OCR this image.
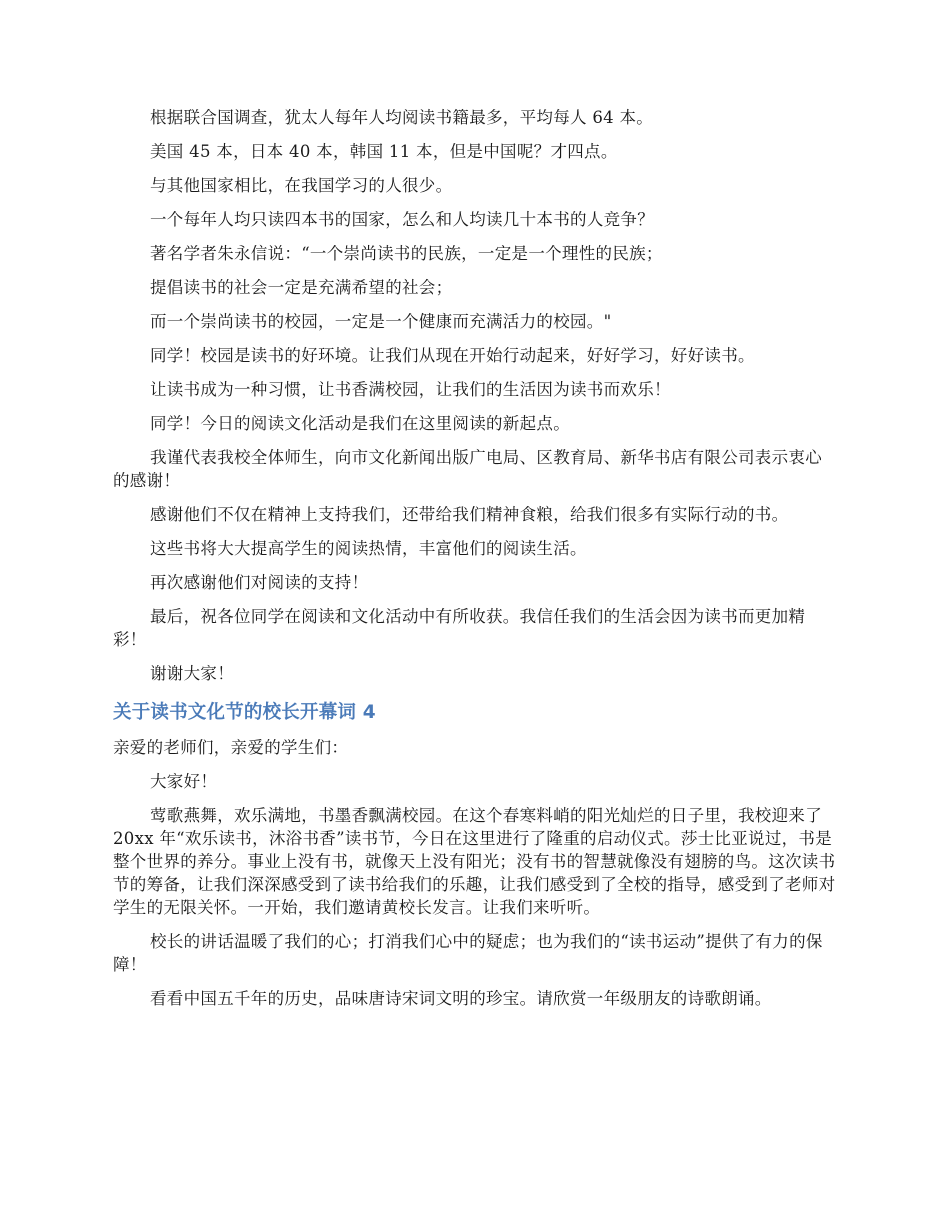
根据联合国调查，犹太人每年人均阅读书籍最多，平均每人 64 本。

美国 45 本，日本 40 本，韩国 11 本，但是中国呢？才四点。

与其他国家相比，在我国学习的人很少。

一个每年人均只读四本书的国家，怎么和人均读几十本书的人竞争？

著名学者朱永信说：“一个崇尚读书的民族，一定是一个理性的民族；

提倡读书的社会一定是充满希望的社会；

而一个崇尚读书的校园，一定是一个健康而充满活力的校园。"

同学！校园是读书的好环境。让我们从现在开始行动起来，好好学习，好好读书。

让读书成为一种习惯，让书香满校园，让我们的生活因为读书而欢乐！

同学！今日的阅读文化活动是我们在这里阅读的新起点。

我谨代表我校全体师生，向市文化新闻出版广电局、区教育局、新华书店有限公司表示衷心的感谢！

感谢他们不仅在精神上支持我们，还带给我们精神食粮，给我们很多有实际行动的书。

这些书将大大提高学生的阅读热情，丰富他们的阅读生活。

再次感谢他们对阅读的支持！

最后，祝各位同学在阅读和文化活动中有所收获。我信任我们的生活会因为读书而更加精彩！

谢谢大家！

关于读书文化节的校长开幕词 4

亲爱的老师们，亲爱的学生们：

大家好！

莺歌燕舞，欢乐满地，书墨香飘满校园。在这个春寒料峭的阳光灿烂的日子里，我校迎来了 20xx 年“欢乐读书，沐浴书香”读书节，今日在这里进行了隆重的启动仪式。莎士比亚说过，书是整个世界的养分。事业上没有书，就像天上没有阳光；没有书的智慧就像没有翅膀的鸟。这次读书节的筹备，让我们深深感受到了读书给我们的乐趣，让我们感受到了全校的指导，感受到了老师对学生的无限关怀。一开始，我们邀请黄校长发言。让我们来听听。

校长的讲话温暖了我们的心；打消我们心中的疑虑；也为我们的“读书运动”提供了有力的保障！

看看中国五千年的历史，品味唐诗宋词文明的珍宝。请欣赏一年级朋友的诗歌朗诵。
